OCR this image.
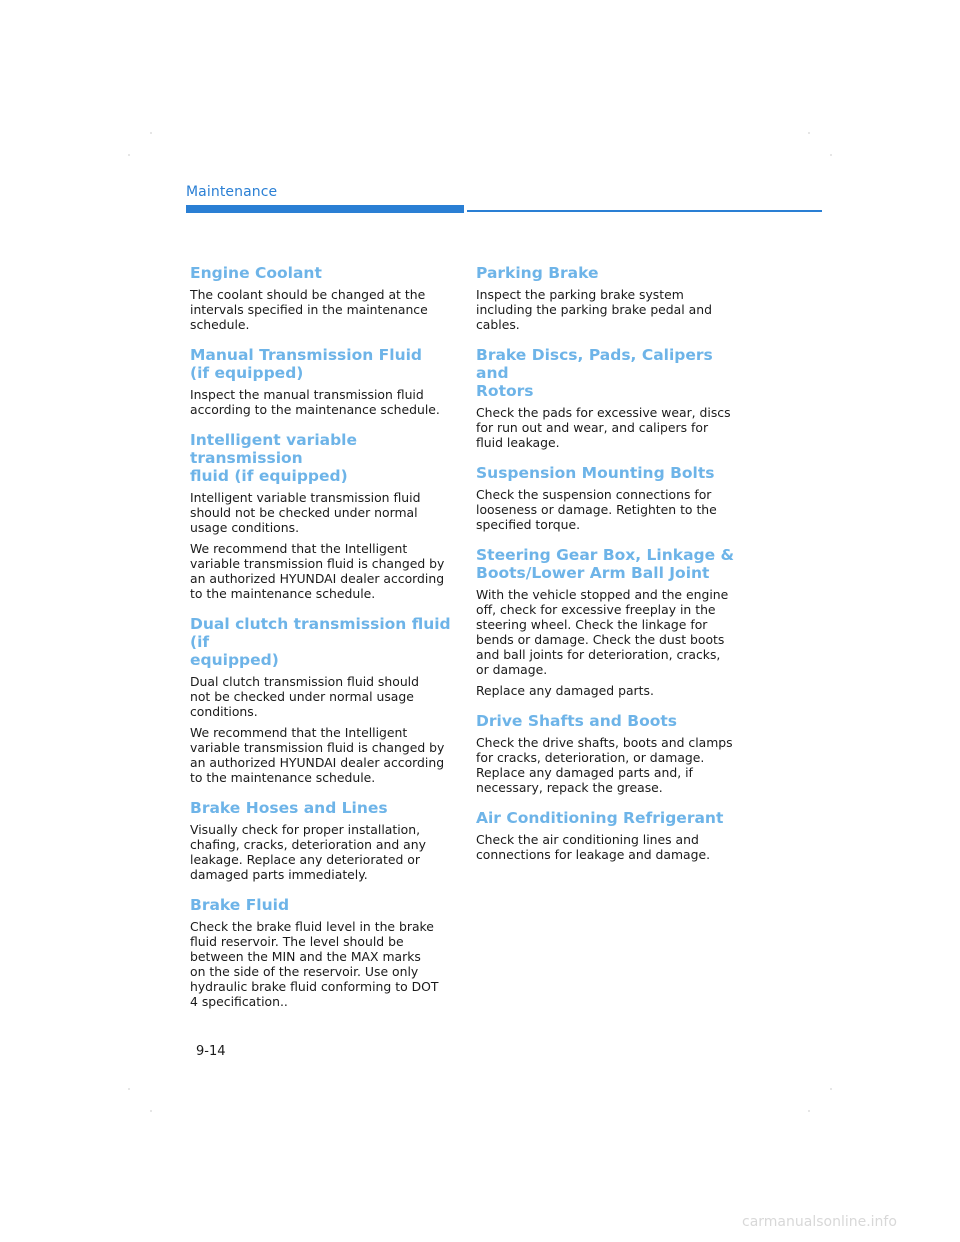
Maintenance
Engine Coolant

The coolant should be changed at the
intervals specified in the maintenance
schedule.

Manual Transmission Fluid
(if equipped)

Inspect the manual transmission fluid
according to the maintenance schedule.

Intelligent variable transmission
fluid (if equipped)

Intelligent variable transmission fluid
should not be checked under normal
usage conditions.

We recommend that the Intelligent
variable transmission fluid is changed by
an authorized HYUNDAI dealer according
to the maintenance schedule.

Dual clutch transmission fluid (if
equipped)

Dual clutch transmission fluid should
not be checked under normal usage
conditions.

We recommend that the Intelligent
variable transmission fluid is changed by
an authorized HYUNDAI dealer according
to the maintenance schedule.

Brake Hoses and Lines

Visually check for proper installation,
chafing, cracks, deterioration and any
leakage. Replace any deteriorated or
damaged parts immediately.

Brake Fluid

Check the brake fluid level in the brake
fluid reservoir. The level should be
between the MIN and the MAX marks
on the side of the reservoir. Use only
hydraulic brake fluid conforming to DOT
4 specification..

Parking Brake

Inspect the parking brake system
including the parking brake pedal and
cables.

Brake Discs, Pads, Calipers and
Rotors

Check the pads for excessive wear, discs
for run out and wear, and calipers for
fluid leakage.

Suspension Mounting Bolts

Check the suspension connections for
looseness or damage. Retighten to the
specified torque.

Steering Gear Box, Linkage &
Boots/Lower Arm Ball Joint

With the vehicle stopped and the engine
off, check for excessive freeplay in the
steering wheel. Check the linkage for
bends or damage. Check the dust boots
and ball joints for deterioration, cracks,
or damage.

Replace any damaged parts.

Drive Shafts and Boots

Check the drive shafts, boots and clamps
for cracks, deterioration, or damage.
Replace any damaged parts and, if
necessary, repack the grease.

Air Conditioning Refrigerant

Check the air conditioning lines and
connections for leakage and damage.

9-14
carmanualsonline.info
